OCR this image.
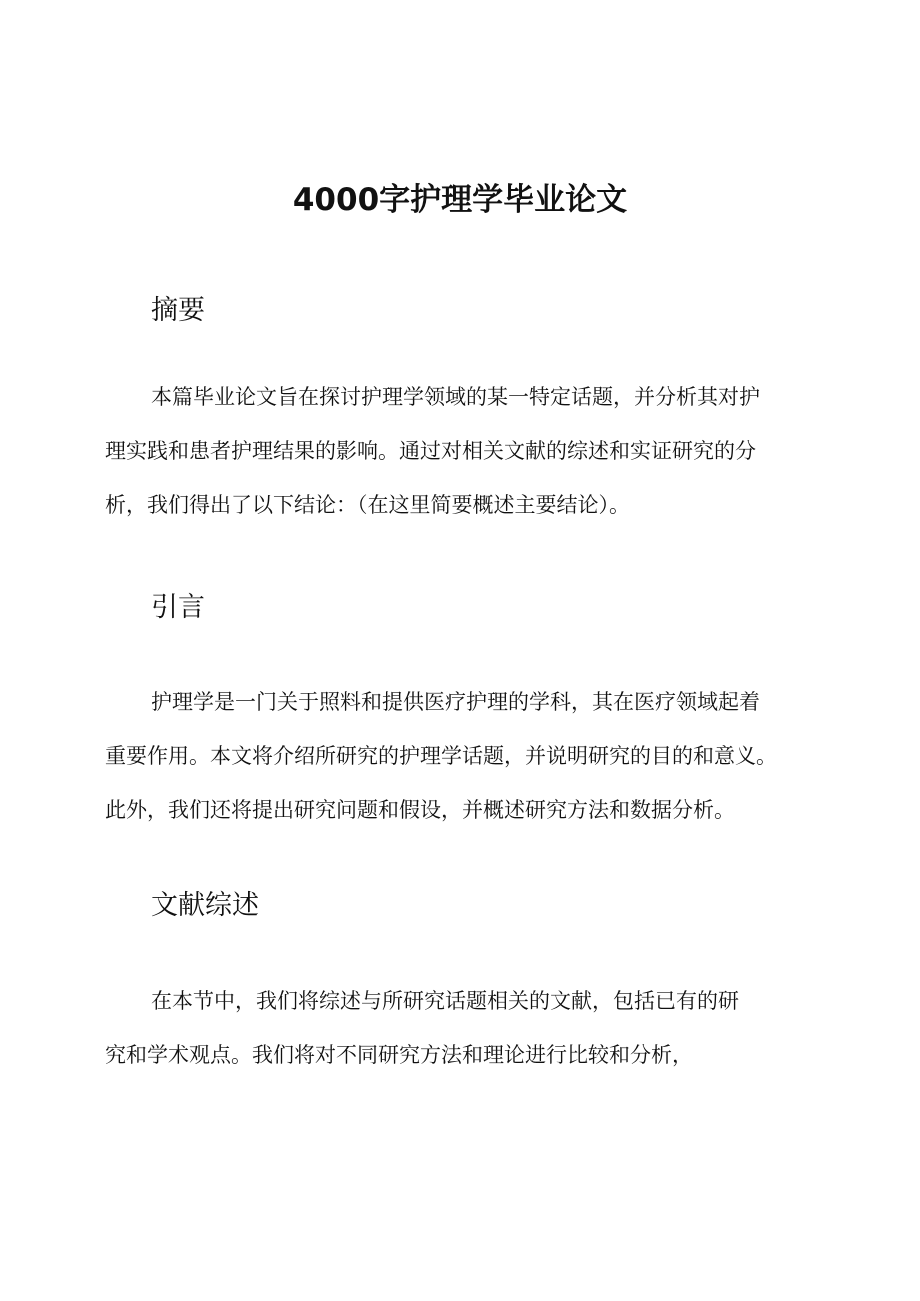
4000字护理学毕业论文
摘要
本篇毕业论文旨在探讨护理学领域的某一特定话题，并分析其对护
理实践和患者护理结果的影响。通过对相关文献的综述和实证研究的分
析，我们得出了以下结论：（在这里简要概述主要结论）。
引言
护理学是一门关于照料和提供医疗护理的学科，其在医疗领域起着
重要作用。本文将介绍所研究的护理学话题，并说明研究的目的和意义。
此外，我们还将提出研究问题和假设，并概述研究方法和数据分析。
文献综述
在本节中，我们将综述与所研究话题相关的文献，包括已有的研
究和学术观点。我们将对不同研究方法和理论进行比较和分析，
